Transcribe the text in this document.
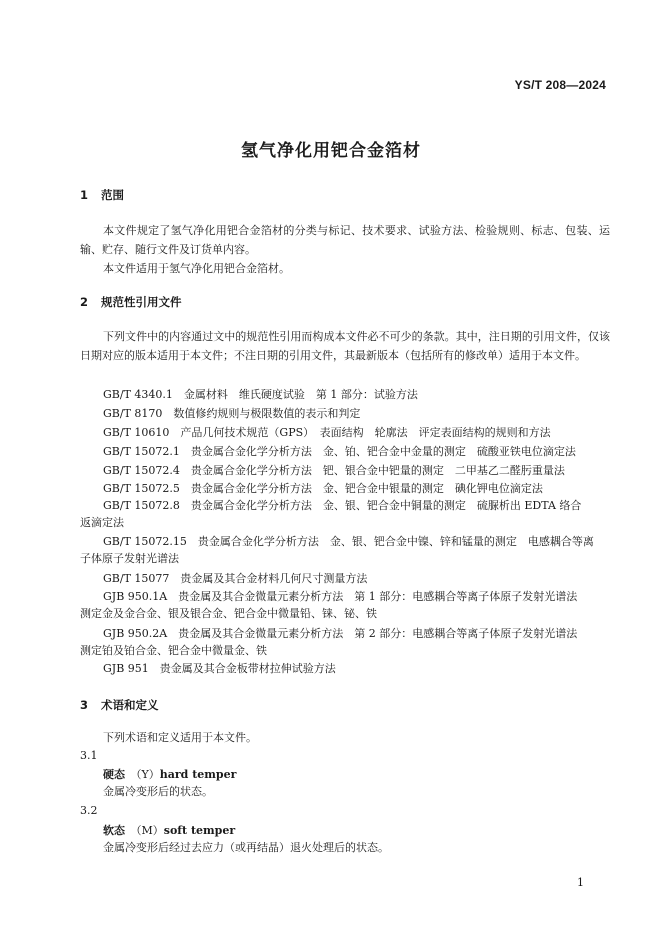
YS/T 208—2024
氢气净化用钯合金箔材
1 范围
本文件规定了氢气净化用钯合金箔材的分类与标记、技术要求、试验方法、检验规则、标志、包装、运输、贮存、随行文件及订货单内容。
本文件适用于氢气净化用钯合金箔材。
2 规范性引用文件
下列文件中的内容通过文中的规范性引用而构成本文件必不可少的条款。其中，注日期的引用文件，仅该日期对应的版本适用于本文件；不注日期的引用文件，其最新版本（包括所有的修改单）适用于本文件。
GB/T 4340.1　金属材料　维氏硬度试验　第 1 部分：试验方法
GB/T 8170　数值修约规则与极限数值的表示和判定
GB/T 10610　产品几何技术规范（GPS）　表面结构　轮廓法　评定表面结构的规则和方法
GB/T 15072.1　贵金属合金化学分析方法　金、铂、钯合金中金量的测定　硫酸亚铁电位滴定法
GB/T 15072.4　贵金属合金化学分析方法　钯、银合金中钯量的测定　二甲基乙二醛肟重量法
GB/T 15072.5　贵金属合金化学分析方法　金、钯合金中银量的测定　碘化钾电位滴定法
GB/T 15072.8　贵金属合金化学分析方法　金、银、钯合金中铜量的测定　硫脲析出 EDTA 络合
返滴定法
GB/T 15072.15　贵金属合金化学分析方法　金、银、钯合金中镍、锌和锰量的测定　电感耦合等离
子体原子发射光谱法
GB/T 15077　贵金属及其合金材料几何尺寸测量方法
GJB 950.1A　贵金属及其合金微量元素分析方法　第 1 部分：电感耦合等离子体原子发射光谱法
测定金及金合金、银及银合金、钯合金中微量铅、铼、铋、铁
GJB 950.2A　贵金属及其合金微量元素分析方法　第 2 部分：电感耦合等离子体原子发射光谱法
测定铂及铂合金、钯合金中微量金、铁
GJB 951　贵金属及其合金板带材拉伸试验方法
3 术语和定义
下列术语和定义适用于本文件。
3.1
硬态　 （Y）hard temper
金属冷变形后的状态。
3.2
软态　 （M）soft temper
金属冷变形后经过去应力（或再结晶）退火处理后的状态。
1
